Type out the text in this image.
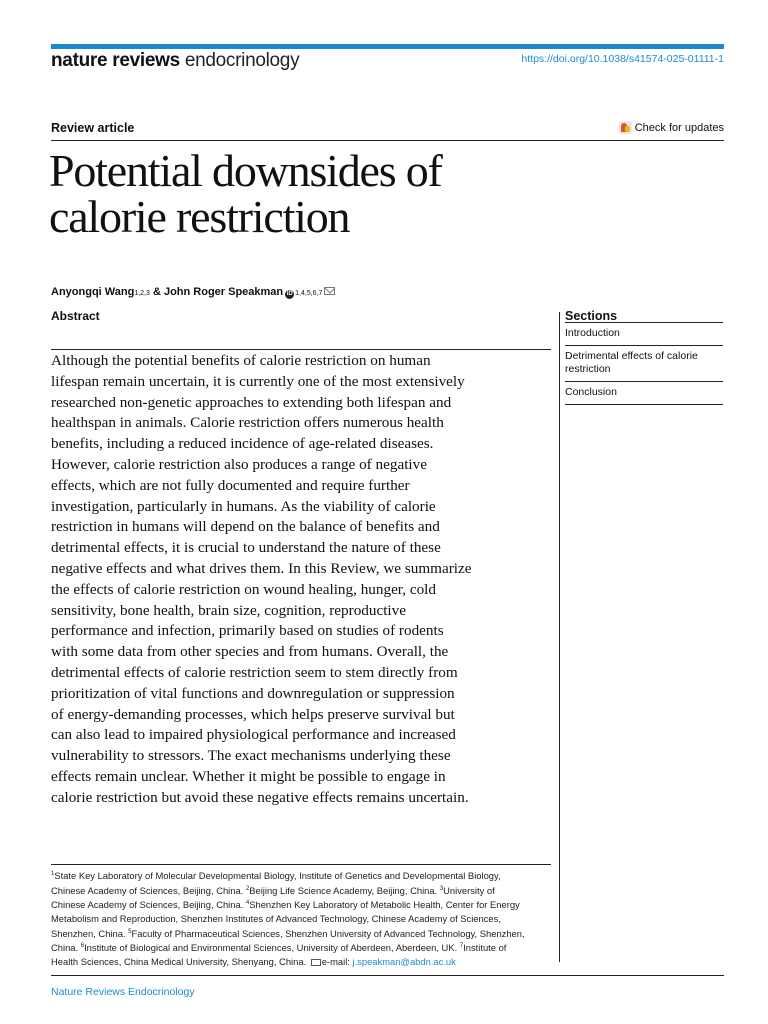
nature reviews endocrinology	https://doi.org/10.1038/s41574-025-01111-1
Review article	Check for updates
Potential downsides of
calorie restriction
Anyongqi Wang 1,2,3 & John Roger Speakman iD 1,4,5,6,7
Abstract
Although the potential benefits of calorie restriction on human
lifespan remain uncertain, it is currently one of the most extensively
researched non-genetic approaches to extending both lifespan and
healthspan in animals. Calorie restriction offers numerous health
benefits, including a reduced incidence of age-related diseases.
However, calorie restriction also produces a range of negative
effects, which are not fully documented and require further
investigation, particularly in humans. As the viability of calorie
restriction in humans will depend on the balance of benefits and
detrimental effects, it is crucial to understand the nature of these
negative effects and what drives them. In this Review, we summarize
the effects of calorie restriction on wound healing, hunger, cold
sensitivity, bone health, brain size, cognition, reproductive
performance and infection, primarily based on studies of rodents
with some data from other species and from humans. Overall, the
detrimental effects of calorie restriction seem to stem directly from
prioritization of vital functions and downregulation or suppression
of energy-demanding processes, which helps preserve survival but
can also lead to impaired physiological performance and increased
vulnerability to stressors. The exact mechanisms underlying these
effects remain unclear. Whether it might be possible to engage in
calorie restriction but avoid these negative effects remains uncertain.
Sections
Introduction
Detrimental effects of calorie
restriction
Conclusion
$^1$State Key Laboratory of Molecular Developmental Biology, Institute of Genetics and Developmental Biology,
Chinese Academy of Sciences, Beijing, China. $^2$Beijing Life Science Academy, Beijing, China. $^3$University of
Chinese Academy of Sciences, Beijing, China. $^4$Shenzhen Key Laboratory of Metabolic Health, Center for Energy
Metabolism and Reproduction, Shenzhen Institutes of Advanced Technology, Chinese Academy of Sciences,
Shenzhen, China. $^5$Faculty of Pharmaceutical Sciences, Shenzhen University of Advanced Technology, Shenzhen,
China. $^6$Institute of Biological and Environmental Sciences, University of Aberdeen, Aberdeen, UK. $^7$Institute of
Health Sciences, China Medical University, Shenyang, China. e-mail: j.speakman@abdn.ac.uk
Nature Reviews Endocrinology
